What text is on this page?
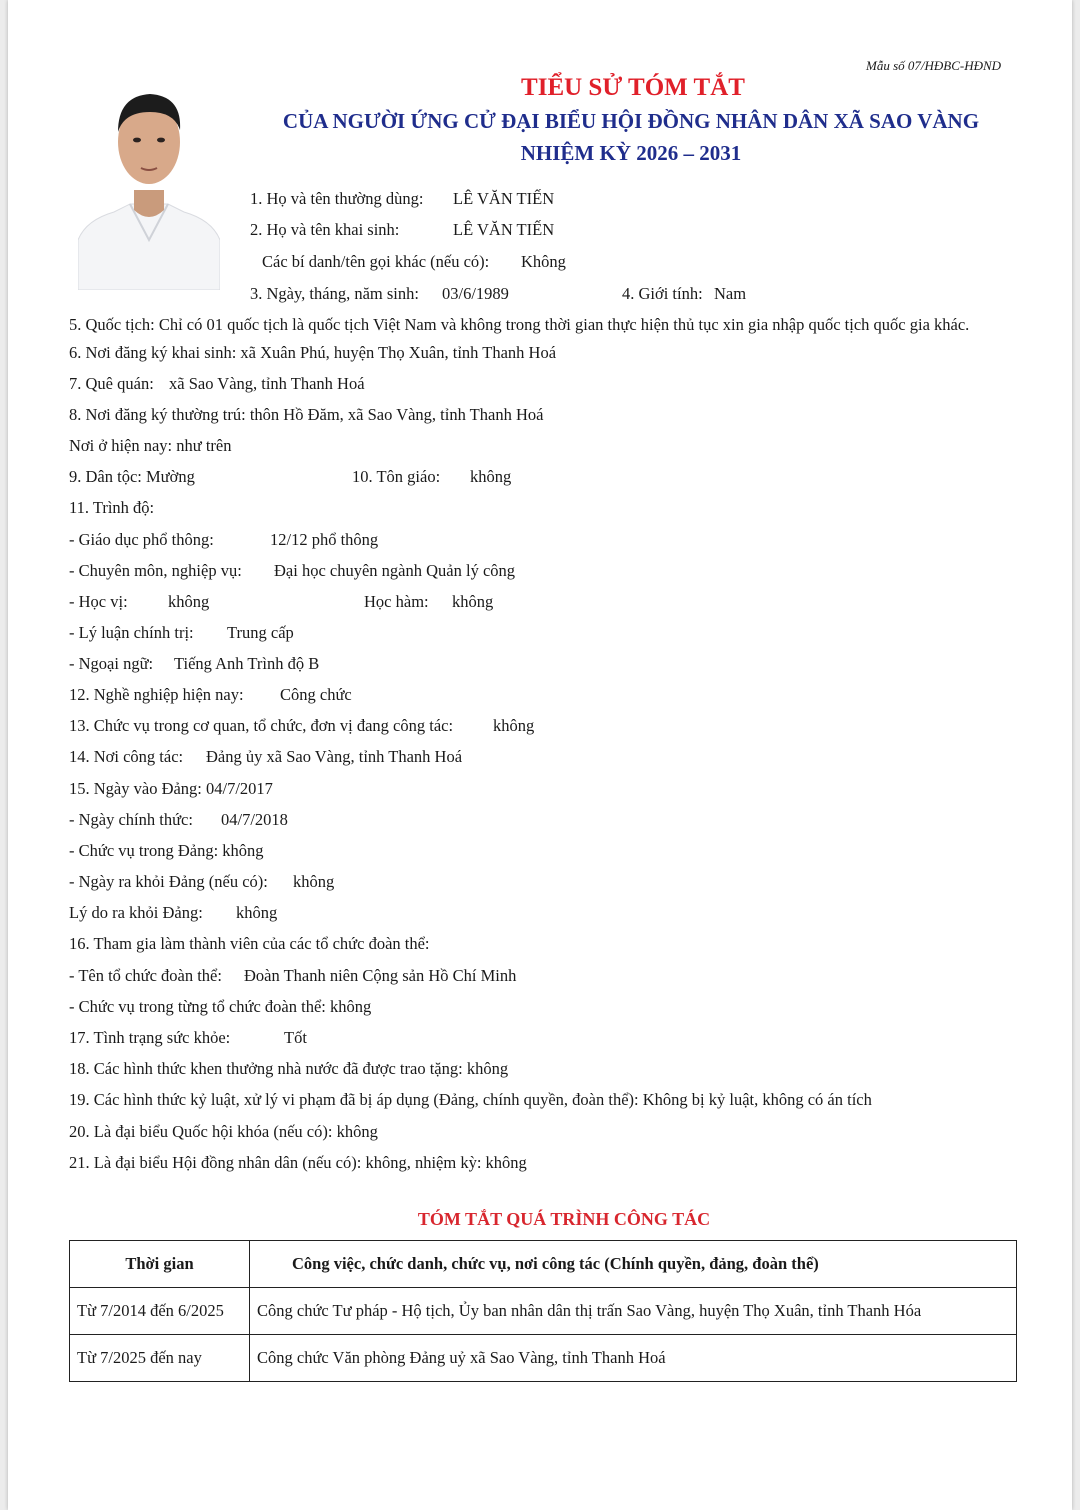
Mẫu số 07/HĐBC-HĐND
TIỂU SỬ TÓM TẮT
CỦA NGƯỜI ỨNG CỬ ĐẠI BIỂU HỘI ĐỒNG NHÂN DÂN XÃ SAO VÀNG
NHIỆM KỲ 2026 – 2031
1. Họ và tên thường dùng: LÊ VĂN TIẾN
2. Họ và tên khai sinh:	LÊ VĂN TIẾN
Các bí danh/tên gọi khác (nếu có): Không
3. Ngày, tháng, năm sinh: 03/6/1989	4. Giới tính: Nam
5. Quốc tịch: Chỉ có 01 quốc tịch là quốc tịch Việt Nam và không trong thời gian thực hiện thủ tục xin gia nhập quốc tịch quốc gia khác.
6. Nơi đăng ký khai sinh: xã Xuân Phú, huyện Thọ Xuân, tỉnh Thanh Hoá
7. Quê quán: xã Sao Vàng, tỉnh Thanh Hoá
8. Nơi đăng ký thường trú: thôn Hồ Đăm, xã Sao Vàng, tỉnh Thanh Hoá
Nơi ở hiện nay: như trên
9. Dân tộc: Mường	10. Tôn giáo: không
11. Trình độ:
- Giáo dục phổ thông:	12/12 phổ thông
- Chuyên môn, nghiệp vụ: Đại học chuyên ngành Quản lý công
- Học vị: không	Học hàm: không
- Lý luận chính trị: Trung cấp
- Ngoại ngữ: Tiếng Anh Trình độ B
12. Nghề nghiệp hiện nay: Công chức
13. Chức vụ trong cơ quan, tổ chức, đơn vị đang công tác: không
14. Nơi công tác: Đảng ủy xã Sao Vàng, tỉnh Thanh Hoá
15. Ngày vào Đảng: 04/7/2017
- Ngày chính thức: 04/7/2018
- Chức vụ trong Đảng: không
- Ngày ra khỏi Đảng (nếu có): không
Lý do ra khỏi Đảng: không
16. Tham gia làm thành viên của các tổ chức đoàn thể:
- Tên tổ chức đoàn thể: Đoàn Thanh niên Cộng sản Hồ Chí Minh
- Chức vụ trong từng tổ chức đoàn thể: không
17. Tình trạng sức khỏe:	Tốt
18. Các hình thức khen thưởng nhà nước đã được trao tặng: không
19. Các hình thức kỷ luật, xử lý vi phạm đã bị áp dụng (Đảng, chính quyền, đoàn thể): Không bị kỷ luật, không có án tích
20. Là đại biểu Quốc hội khóa (nếu có): không
21. Là đại biểu Hội đồng nhân dân (nếu có): không, nhiệm kỳ: không
TÓM TẮT QUÁ TRÌNH CÔNG TÁC
Thời gian	Công việc, chức danh, chức vụ, nơi công tác (Chính quyền, đảng, đoàn thể)
Từ 7/2014 đến 6/2025	Công chức Tư pháp - Hộ tịch, Ủy ban nhân dân thị trấn Sao Vàng, huyện Thọ Xuân, tỉnh Thanh Hóa
Từ 7/2025 đến nay	Công chức Văn phòng Đảng uỷ xã Sao Vàng, tỉnh Thanh Hoá
